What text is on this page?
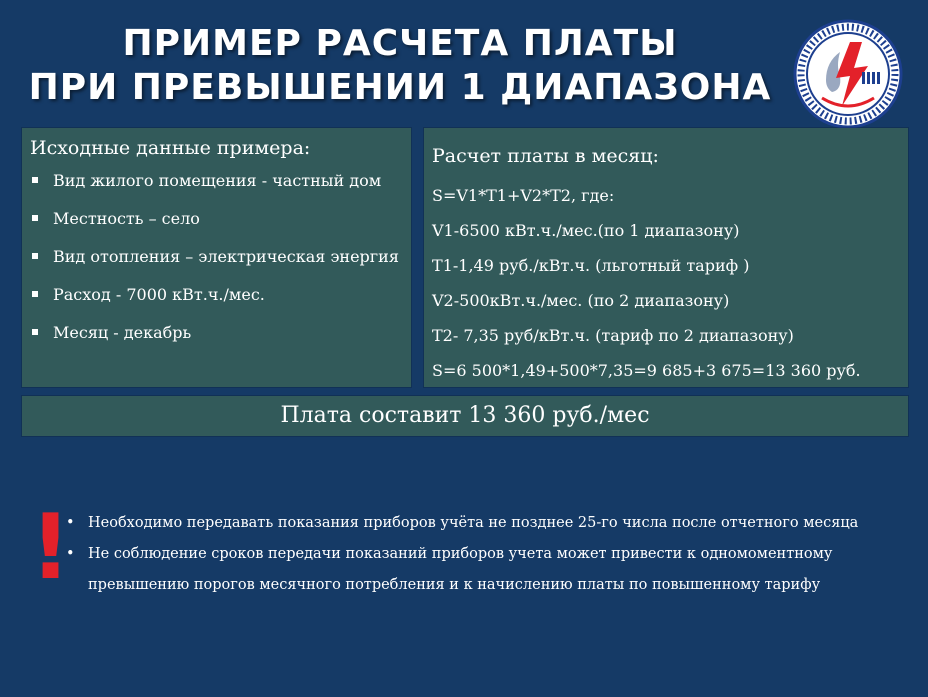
ПРИМЕР РАСЧЕТА ПЛАТЫ
ПРИ ПРЕВЫШЕНИИ 1 ДИАПАЗОНА
Исходные данные примера:
Вид жилого помещения - частный дом
Местность – село
Вид отопления – электрическая энергия
Расход - 7000 кВт.ч./мес.
Месяц - декабрь
Расчет платы в месяц:
S=V1*T1+V2*T2, где:
V1-6500 кВт.ч./мес.(по 1 диапазону)
T1-1,49 руб./кВт.ч. (льготный тариф )
V2-500кВт.ч./мес. (по 2 диапазону)
T2- 7,35 руб/кВт.ч. (тариф по 2 диапазону)
S=6 500*1,49+500*7,35=9 685+3 675=13 360 руб.
Плата составит 13 360 руб./мес
!
•	Необходимо передавать показания приборов учёта не позднее 25-го числа после отчетного месяца
• Не соблюдение сроков передачи показаний приборов учета может привести к одномоментному превышению порогов месячного потребления и к начислению платы по повышенному тарифу
